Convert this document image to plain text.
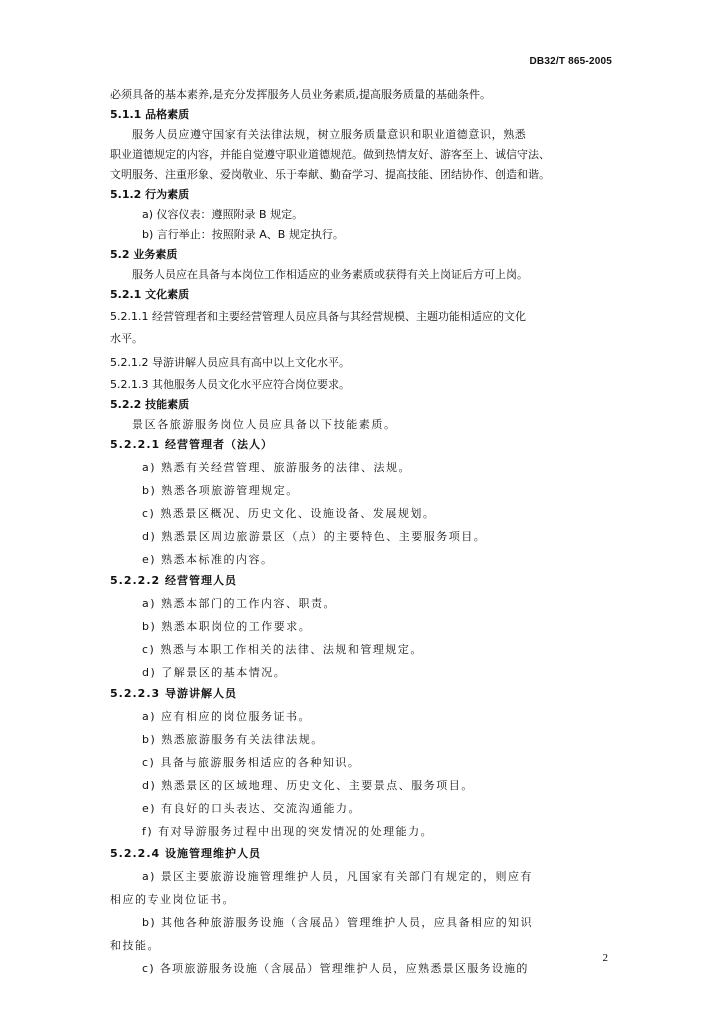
DB32/T 865-2005
必须具备的基本素养,是充分发挥服务人员业务素质,提高服务质量的基础条件。
5.1.1 品格素质
服务人员应遵守国家有关法律法规，树立服务质量意识和职业道德意识，熟悉
职业道德规定的内容，并能自觉遵守职业道德规范。做到热情友好、游客至上、诚信守法、
文明服务、注重形象、爱岗敬业、乐于奉献、勤奋学习、提高技能、团结协作、创造和谐。
5.1.2 行为素质
a) 仪容仪表：遵照附录 B 规定。
b) 言行举止：按照附录 A、B 规定执行。
5.2 业务素质
服务人员应在具备与本岗位工作相适应的业务素质或获得有关上岗证后方可上岗。
5.2.1 文化素质
5.2.1.1 经营管理者和主要经营管理人员应具备与其经营规模、主题功能相适应的文化
水平。
5.2.1.2 导游讲解人员应具有高中以上文化水平。
5.2.1.3 其他服务人员文化水平应符合岗位要求。
5.2.2 技能素质
景区各旅游服务岗位人员应具备以下技能素质。
5.2.2.1 经营管理者（法人）
a) 熟悉有关经营管理、旅游服务的法律、法规。
b) 熟悉各项旅游管理规定。
c) 熟悉景区概况、历史文化、设施设备、发展规划。
d) 熟悉景区周边旅游景区（点）的主要特色、主要服务项目。
e) 熟悉本标准的内容。
5.2.2.2 经营管理人员
a) 熟悉本部门的工作内容、职责。
b) 熟悉本职岗位的工作要求。
c) 熟悉与本职工作相关的法律、法规和管理规定。
d) 了解景区的基本情况。
5.2.2.3 导游讲解人员
a) 应有相应的岗位服务证书。
b) 熟悉旅游服务有关法律法规。
c) 具备与旅游服务相适应的各种知识。
d) 熟悉景区的区域地理、历史文化、主要景点、服务项目。
e) 有良好的口头表达、交流沟通能力。
f) 有对导游服务过程中出现的突发情况的处理能力。
5.2.2.4 设施管理维护人员
a) 景区主要旅游设施管理维护人员，凡国家有关部门有规定的，则应有
相应的专业岗位证书。
b) 其他各种旅游服务设施（含展品）管理维护人员，应具备相应的知识
和技能。
c) 各项旅游服务设施（含展品）管理维护人员，应熟悉景区服务设施的
2
